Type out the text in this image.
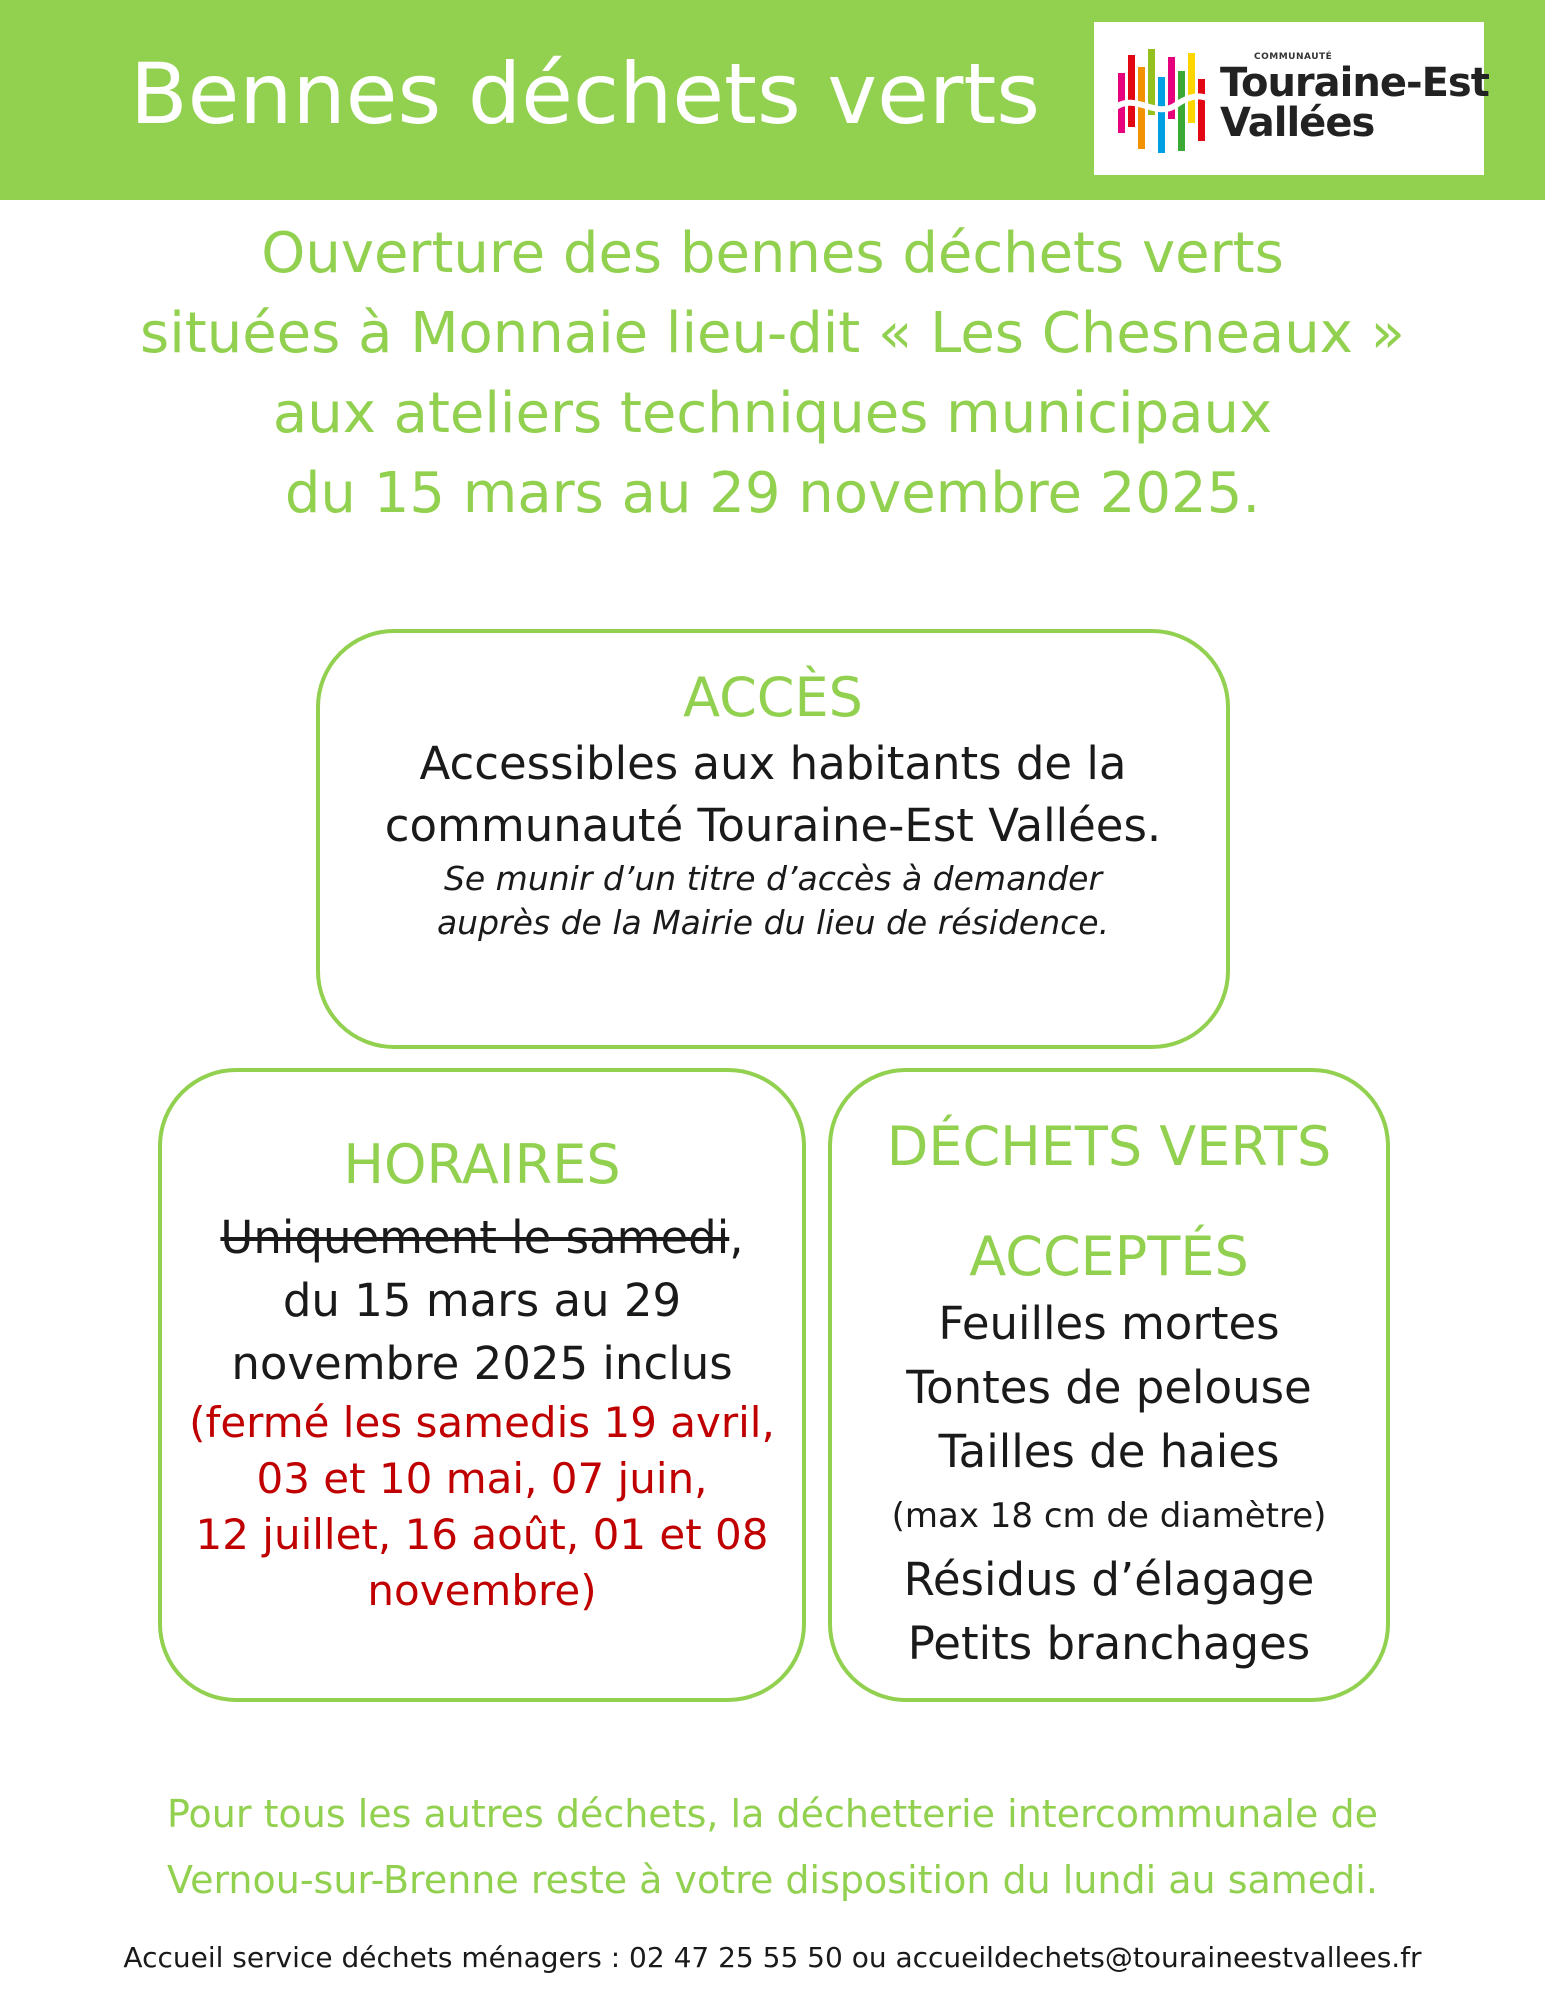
Bennes déchets verts	COMMUNAUTÉ
Touraine-Est
Vallées
Ouverture des bennes déchets verts
situées à Monnaie lieu-dit « Les Chesneaux »
aux ateliers techniques municipaux
du 15 mars au 29 novembre 2025.
ACCÈS
Accessibles aux habitants de la
communauté Touraine-Est Vallées.
Se munir d’un titre d’accès à demander
auprès de la Mairie du lieu de résidence.
HORAIRES
Uniquement le samedi,
du 15 mars au 29
novembre 2025 inclus
(fermé les samedis 19 avril,
03 et 10 mai, 07 juin,
12 juillet, 16 août, 01 et 08
novembre)
DÉCHETS VERTS
ACCEPTÉS
Feuilles mortes
Tontes de pelouse
Tailles de haies
(max 18 cm de diamètre)
Résidus d’élagage
Petits branchages
Pour tous les autres déchets, la déchetterie intercommunale de
Vernou-sur-Brenne reste à votre disposition du lundi au samedi.
Accueil service déchets ménagers : 02 47 25 55 50 ou accueildechets@touraineestvallees.fr
